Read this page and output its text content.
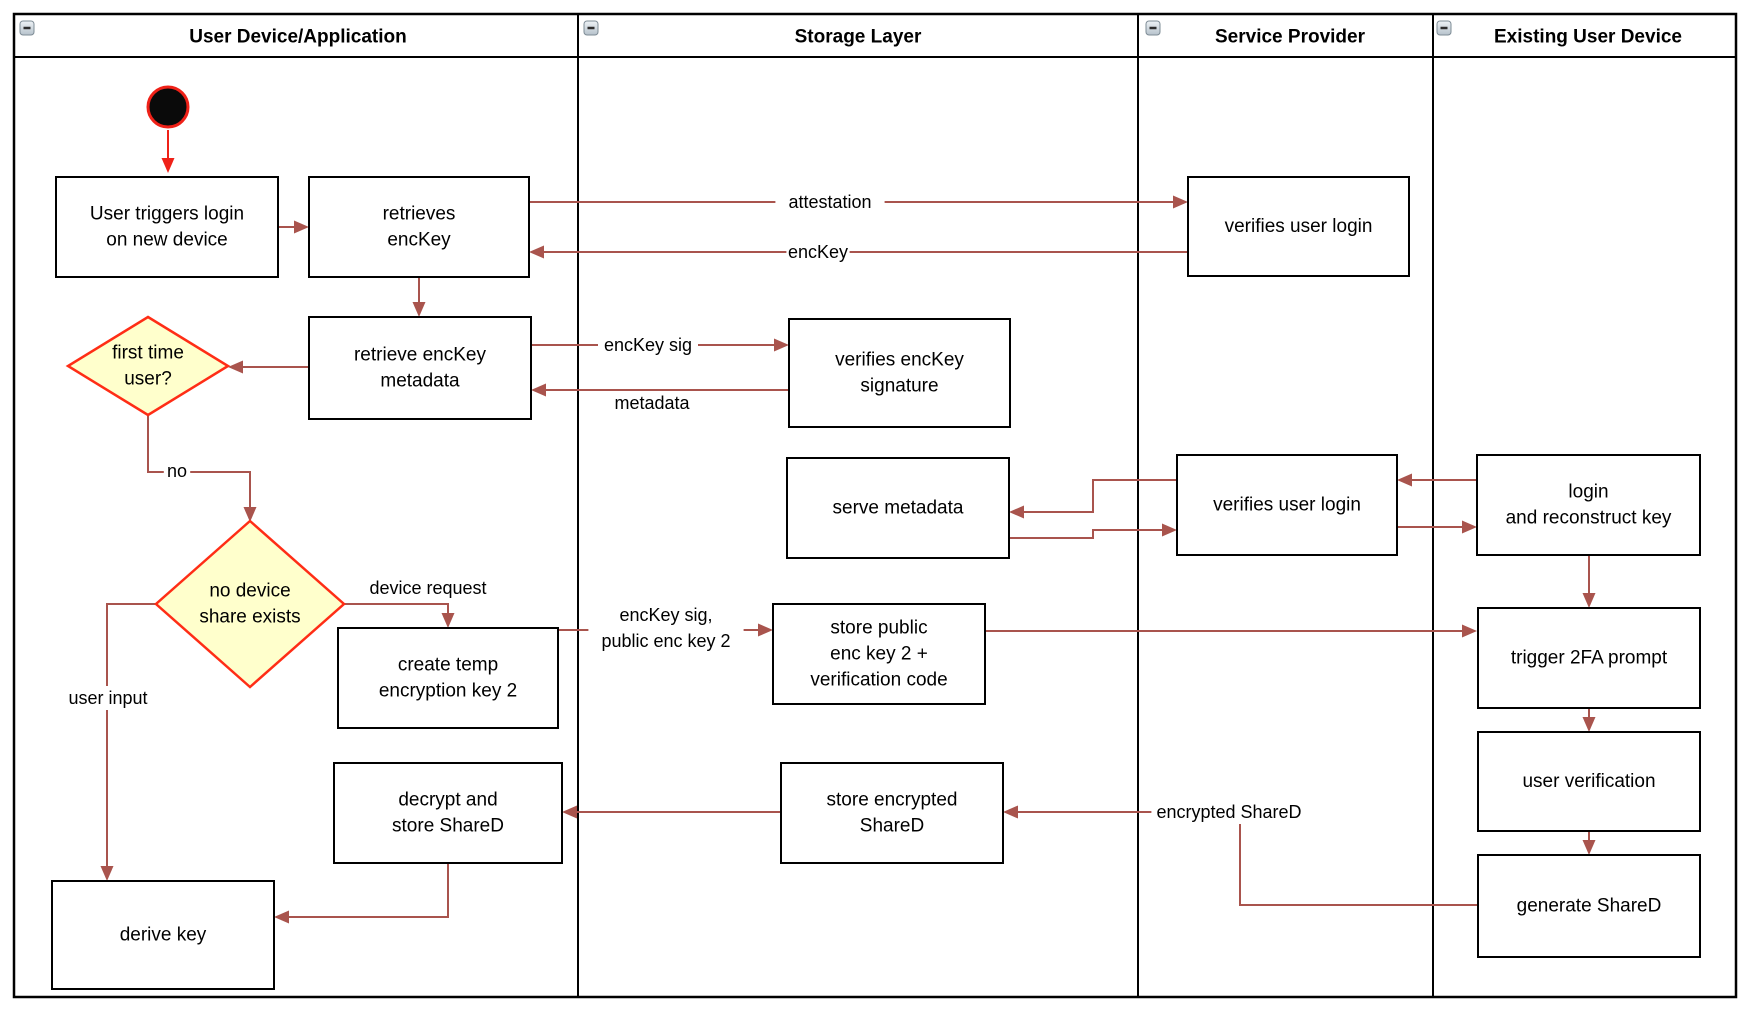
User Device/Application	Storage Layer	Service Provider	Existing User Device
User triggers login on new device
retrieves encKey
verifies user login
retrieve encKey metadata
verifies encKey signature
serve metadata	verifies user login
login and reconstruct key
create temp encryption key 2
store public enc key 2 + verification code
trigger 2FA prompt
user verification
generate ShareD
store encrypted ShareD
decrypt and store ShareD
derive key
first time user?
no device share exists
attestation
encKey
encKey sig
metadata
no
device request
encKey sig, public enc key 2
user input
encrypted ShareD
